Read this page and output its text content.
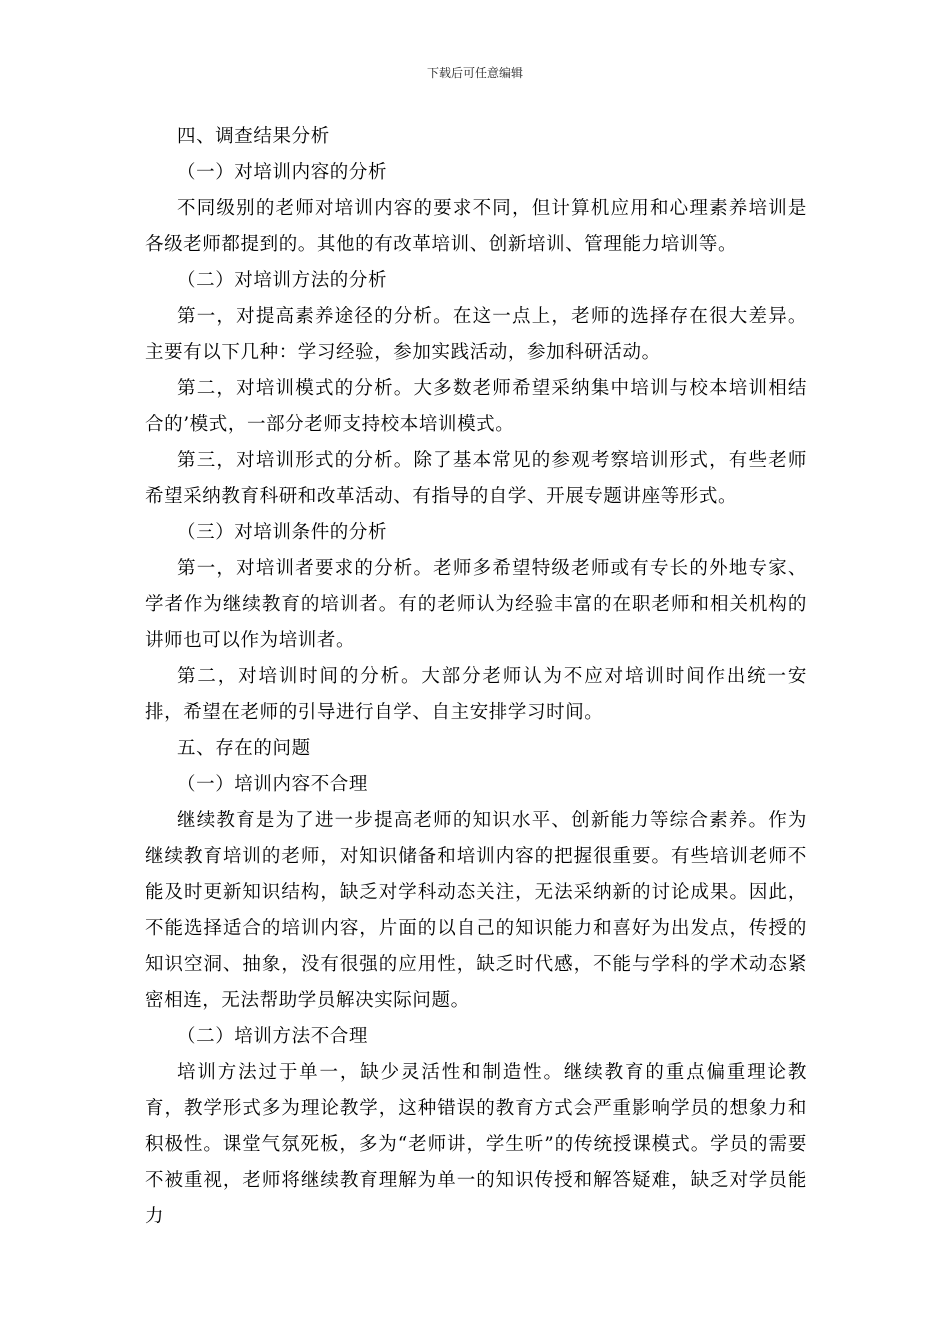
下载后可任意编辑

四、调查结果分析

（一）对培训内容的分析

不同级别的老师对培训内容的要求不同，但计算机应用和心理素养培训是各级老师都提到的。其他的有改革培训、创新培训、管理能力培训等。

（二）对培训方法的分析

第一，对提高素养途径的分析。在这一点上，老师的选择存在很大差异。主要有以下几种：学习经验，参加实践活动，参加科研活动。

第二，对培训模式的分析。大多数老师希望采纳集中培训与校本培训相结合的’模式，一部分老师支持校本培训模式。

第三，对培训形式的分析。除了基本常见的参观考察培训形式，有些老师希望采纳教育科研和改革活动、有指导的自学、开展专题讲座等形式。

（三）对培训条件的分析

第一，对培训者要求的分析。老师多希望特级老师或有专长的外地专家、学者作为继续教育的培训者。有的老师认为经验丰富的在职老师和相关机构的讲师也可以作为培训者。

第二，对培训时间的分析。大部分老师认为不应对培训时间作出统一安排，希望在老师的引导进行自学、自主安排学习时间。

五、存在的问题

（一）培训内容不合理

继续教育是为了进一步提高老师的知识水平、创新能力等综合素养。作为继续教育培训的老师，对知识储备和培训内容的把握很重要。有些培训老师不能及时更新知识结构，缺乏对学科动态关注，无法采纳新的讨论成果。因此，不能选择适合的培训内容，片面的以自己的知识能力和喜好为出发点，传授的知识空洞、抽象，没有很强的应用性，缺乏时代感，不能与学科的学术动态紧密相连，无法帮助学员解决实际问题。

（二）培训方法不合理

培训方法过于单一，缺少灵活性和制造性。继续教育的重点偏重理论教育，教学形式多为理论教学，这种错误的教育方式会严重影响学员的想象力和积极性。课堂气氛死板，多为“老师讲，学生听”的传统授课模式。学员的需要不被重视，老师将继续教育理解为单一的知识传授和解答疑难，缺乏对学员能力
